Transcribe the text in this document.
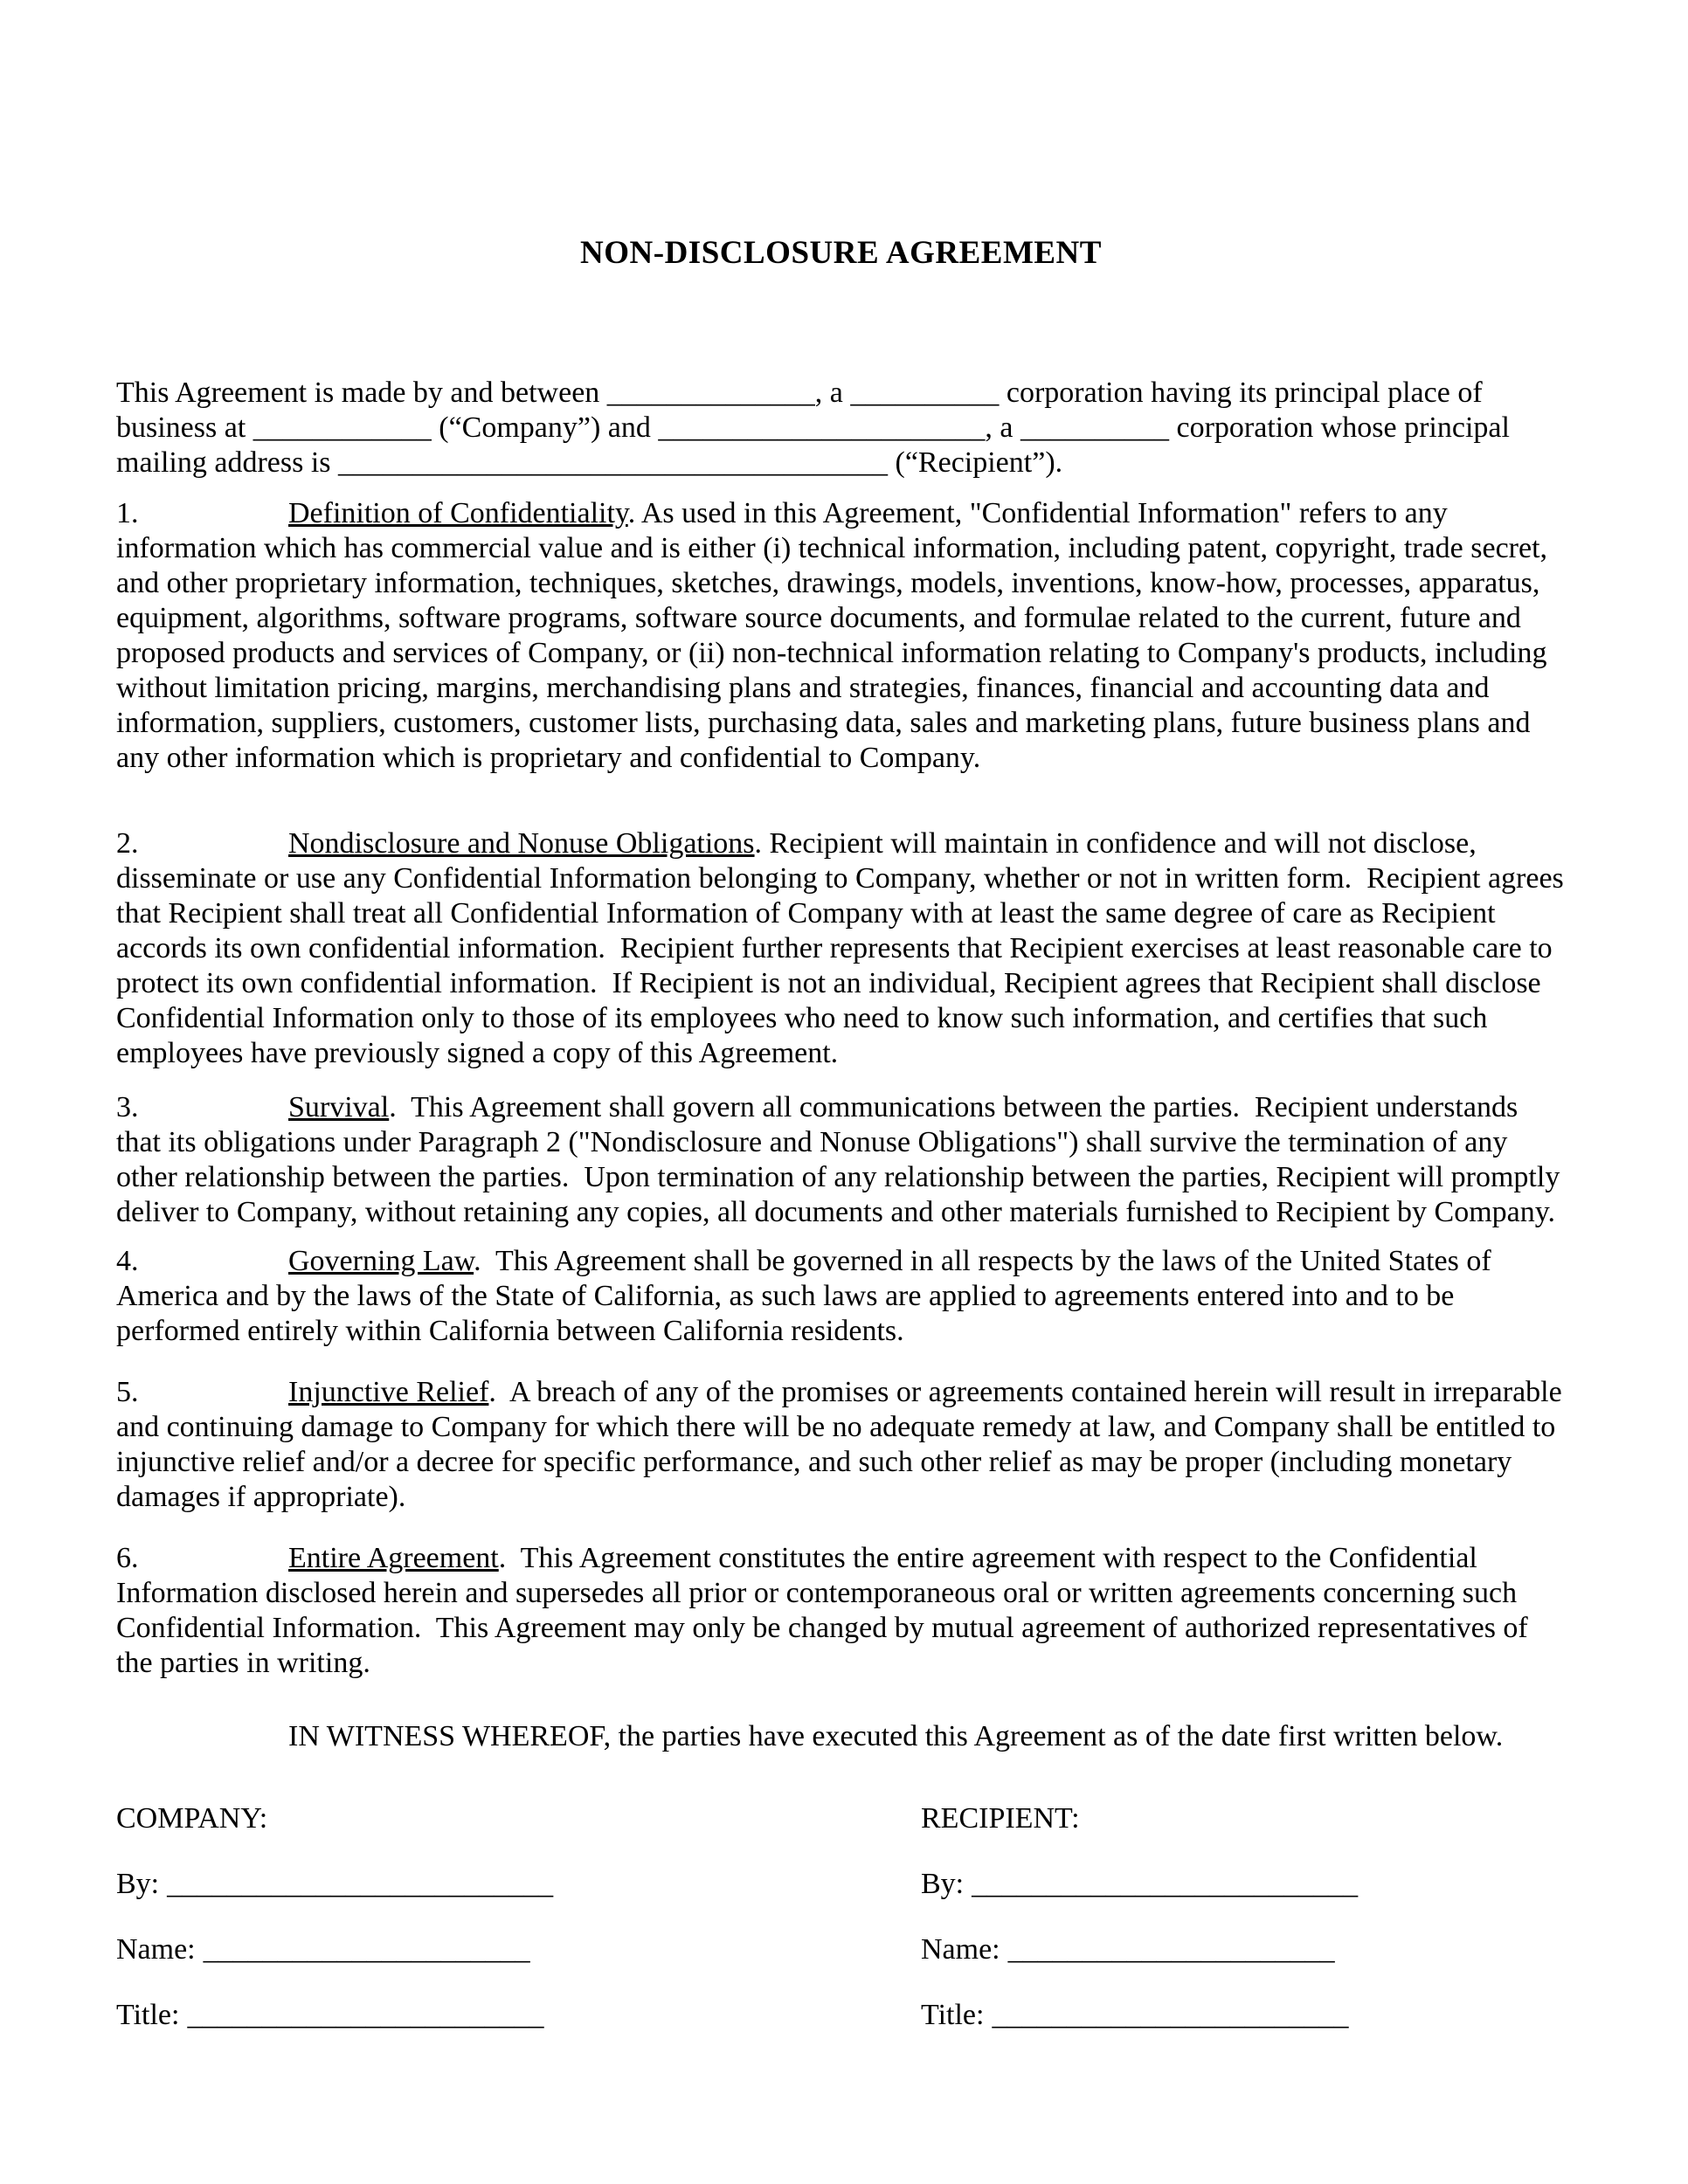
NON-DISCLOSURE AGREEMENT

This Agreement is made by and between ______________, a __________ corporation having its principal place of business at ____________ (“Company”) and ______________________, a __________ corporation whose principal mailing address is _____________________________________ (“Recipient”).

1.	Definition of Confidentiality. As used in this Agreement, "Confidential Information" refers to any information which has commercial value and is either (i) technical information, including patent, copyright, trade secret, and other proprietary information, techniques, sketches, drawings, models, inventions, know-how, processes, apparatus, equipment, algorithms, software programs, software source documents, and formulae related to the current, future and proposed products and services of Company, or (ii) non-technical information relating to Company's products, including without limitation pricing, margins, merchandising plans and strategies, finances, financial and accounting data and information, suppliers, customers, customer lists, purchasing data, sales and marketing plans, future business plans and any other information which is proprietary and confidential to Company.

2.	Nondisclosure and Nonuse Obligations. Recipient will maintain in confidence and will not disclose, disseminate or use any Confidential Information belonging to Company, whether or not in written form.  Recipient agrees that Recipient shall treat all Confidential Information of Company with at least the same degree of care as Recipient accords its own confidential information.  Recipient further represents that Recipient exercises at least reasonable care to protect its own confidential information.  If Recipient is not an individual, Recipient agrees that Recipient shall disclose Confidential Information only to those of its employees who need to know such information, and certifies that such employees have previously signed a copy of this Agreement.

3.	Survival.  This Agreement shall govern all communications between the parties.  Recipient understands that its obligations under Paragraph 2 ("Nondisclosure and Nonuse Obligations") shall survive the termination of any other relationship between the parties.  Upon termination of any relationship between the parties, Recipient will promptly deliver to Company, without retaining any copies, all documents and other materials furnished to Recipient by Company.

4.	Governing Law.  This Agreement shall be governed in all respects by the laws of the United States of America and by the laws of the State of California, as such laws are applied to agreements entered into and to be performed entirely within California between California residents.

5.	Injunctive Relief.  A breach of any of the promises or agreements contained herein will result in irreparable and continuing damage to Company for which there will be no adequate remedy at law, and Company shall be entitled to injunctive relief and/or a decree for specific performance, and such other relief as may be proper (including monetary damages if appropriate).

6.	Entire Agreement.  This Agreement constitutes the entire agreement with respect to the Confidential Information disclosed herein and supersedes all prior or contemporaneous oral or written agreements concerning such Confidential Information.  This Agreement may only be changed by mutual agreement of authorized representatives of the parties in writing.

IN WITNESS WHEREOF, the parties have executed this Agreement as of the date first written below.

COMPANY:

By: __________________________

Name: ______________________

Title: ________________________

RECIPIENT:

By: __________________________

Name: ______________________

Title: ________________________
